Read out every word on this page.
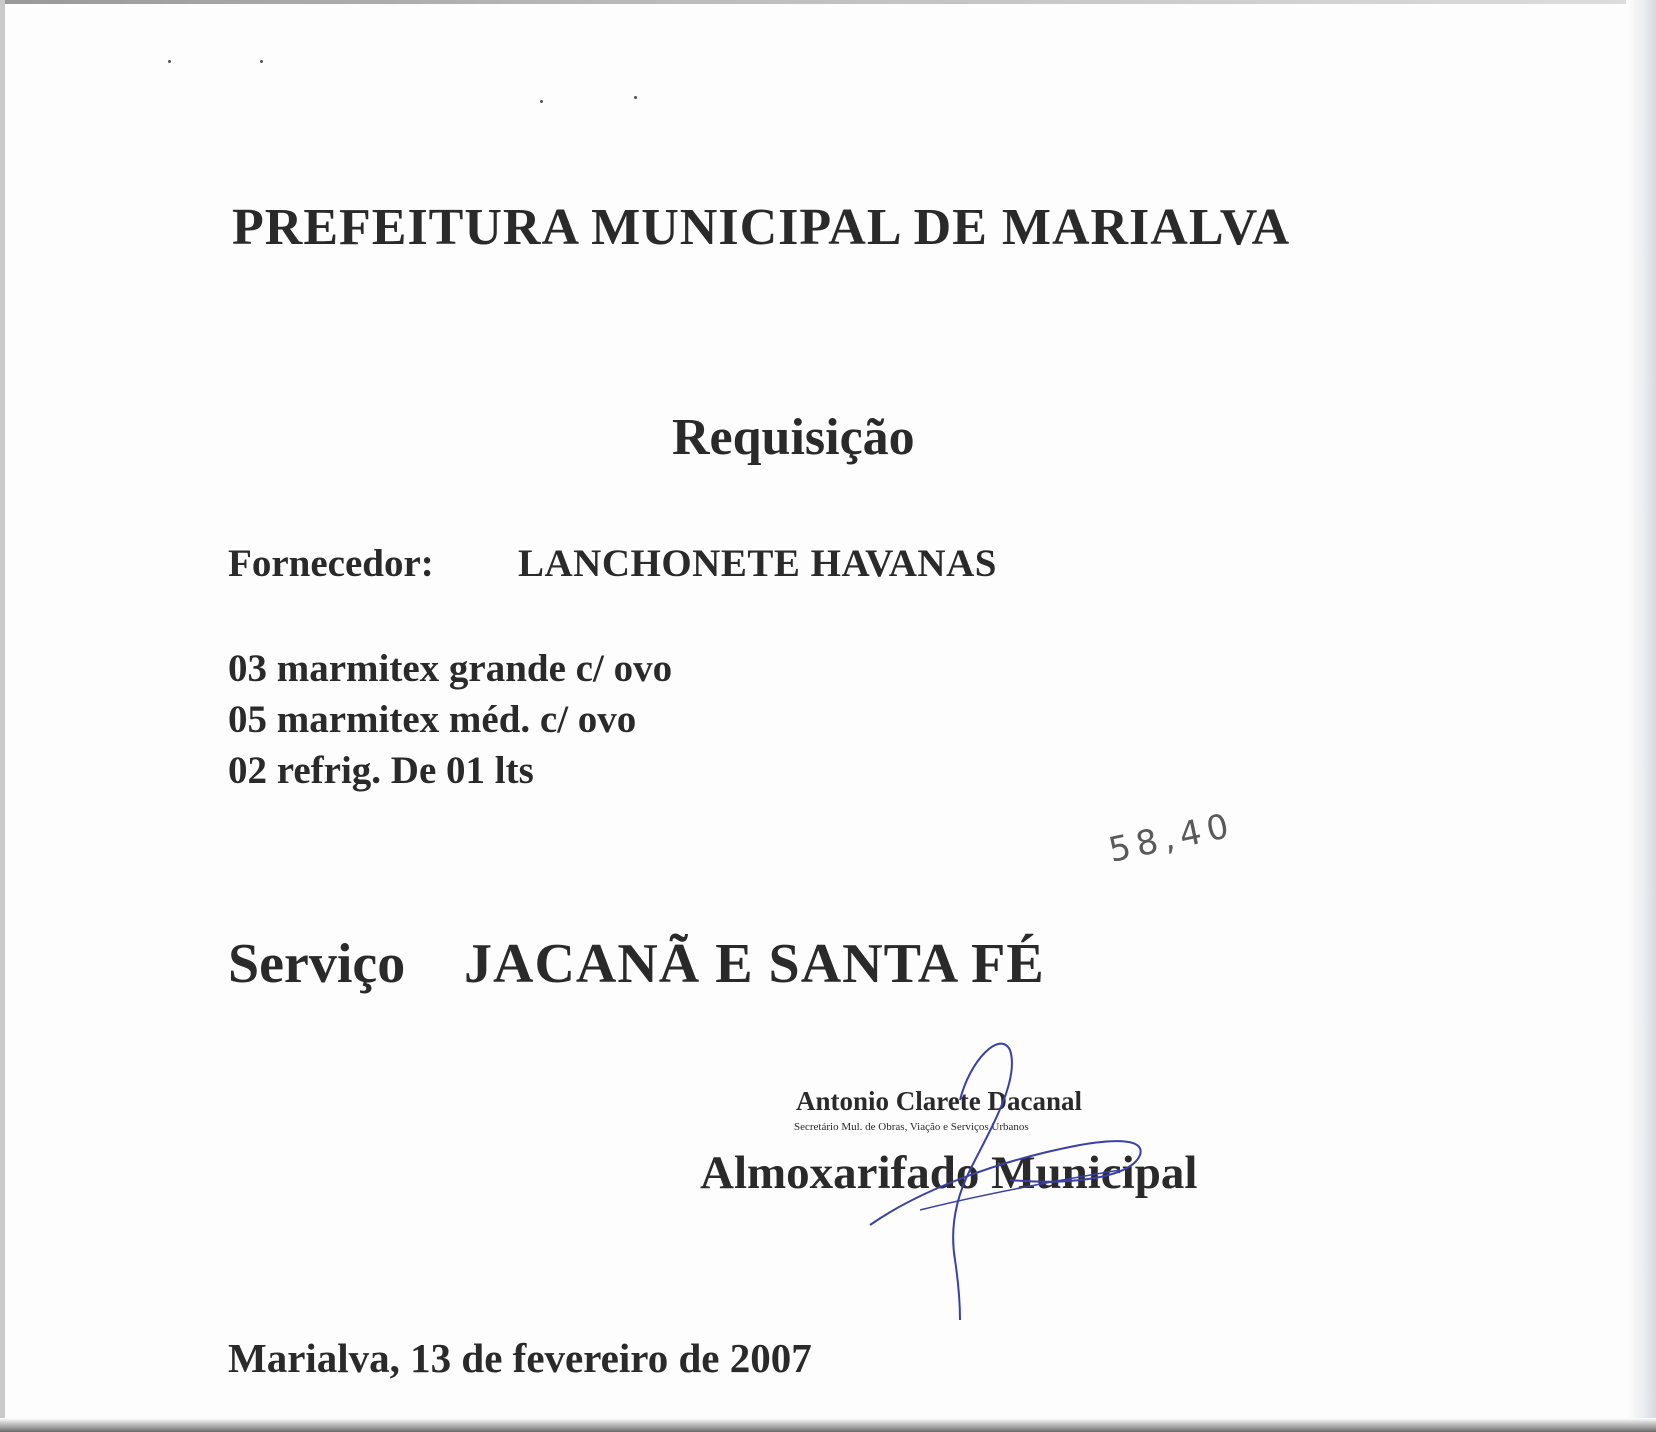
PREFEITURA MUNICIPAL DE MARIALVA
Requisição
Fornecedor: LANCHONETE HAVANAS
03 marmitex grande c/ ovo
05 marmitex méd. c/ ovo
02 refrig. De 01 lts
58,40
Serviço JACANÃ E SANTA FÉ
Antonio Clarete Dacanal
Secretário Mul. de Obras, Viação e Serviços Urbanos
Almoxarifado Municipal
Marialva, 13 de fevereiro de 2007
